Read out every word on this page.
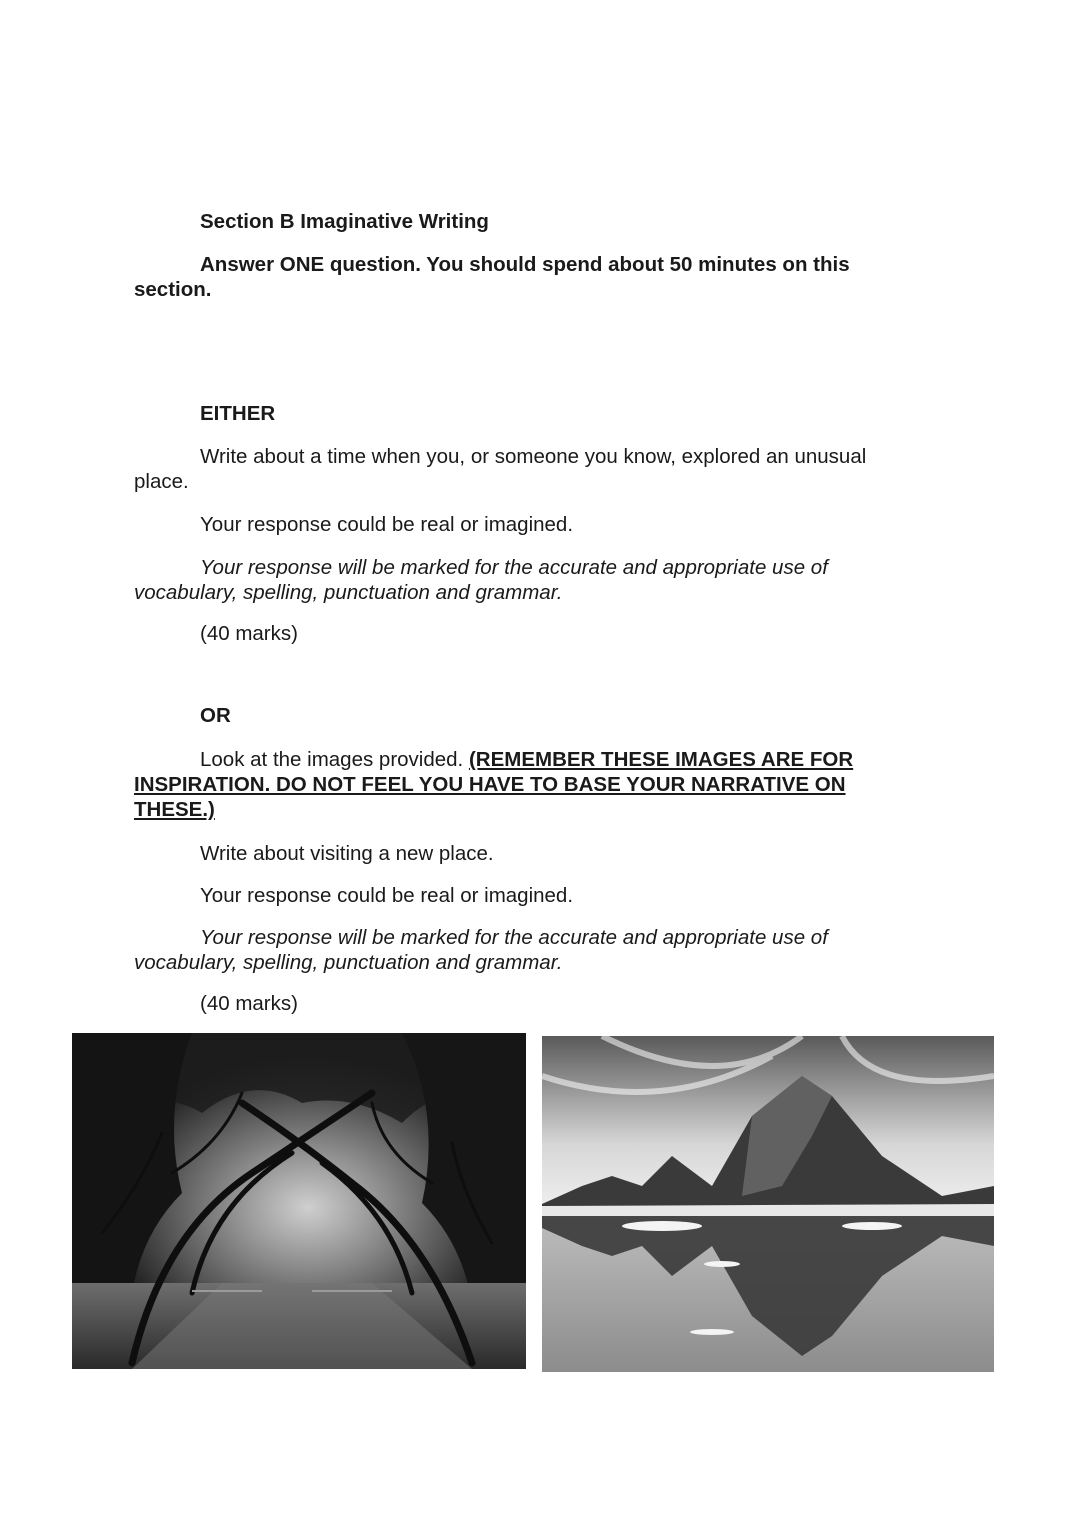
Section B Imaginative Writing

Answer ONE question. You should spend about 50 minutes on this section.

EITHER

Write about a time when you, or someone you know, explored an unusual place.

Your response could be real or imagined.

Your response will be marked for the accurate and appropriate use of vocabulary, spelling, punctuation and grammar.

(40 marks)

OR

Look at the images provided. (REMEMBER THESE IMAGES ARE FOR INSPIRATION. DO NOT FEEL YOU HAVE TO BASE YOUR NARRATIVE ON THESE.)

Write about visiting a new place.

Your response could be real or imagined.

Your response will be marked for the accurate and appropriate use of vocabulary, spelling, punctuation and grammar.

(40 marks)
